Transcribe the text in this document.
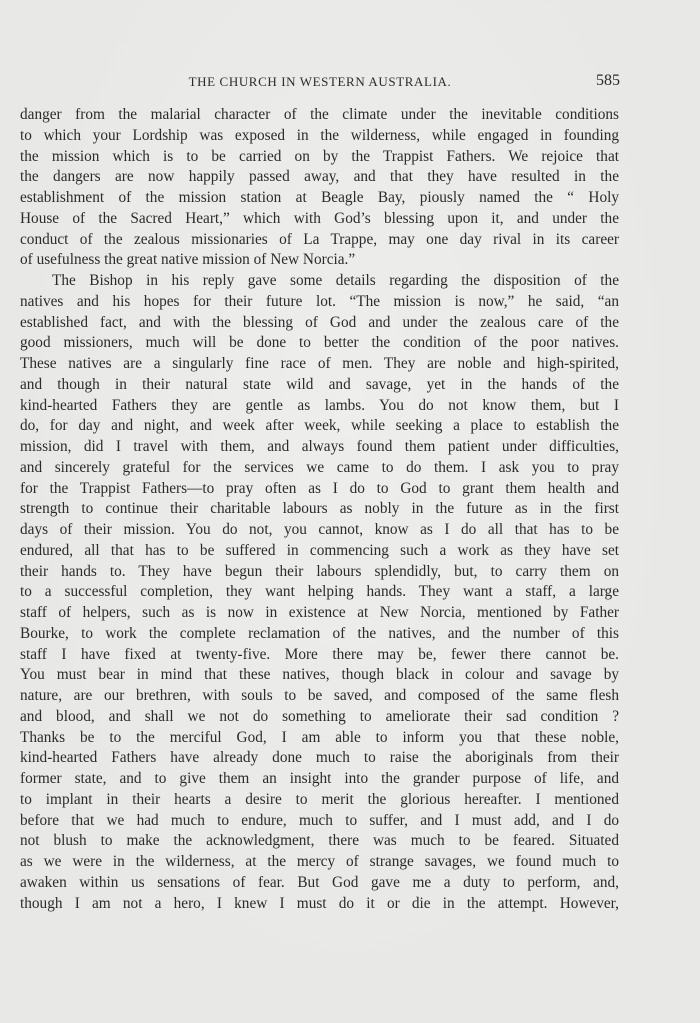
THE CHURCH IN WESTERN AUSTRALIA.	585
danger from the malarial character of the climate under the inevitable conditions
to which your Lordship was exposed in the wilderness, while engaged in founding
the mission which is to be carried on by the Trappist Fathers. We rejoice that
the dangers are now happily passed away, and that they have resulted in the
establishment of the mission station at Beagle Bay, piously named the “ Holy
House of the Sacred Heart,” which with God’s blessing upon it, and under the
conduct of the zealous missionaries of La Trappe, may one day rival in its career
of usefulness the great native mission of New Norcia.”
The Bishop in his reply gave some details regarding the disposition of the
natives and his hopes for their future lot. “The mission is now,” he said, “an
established fact, and with the blessing of God and under the zealous care of the
good missioners, much will be done to better the condition of the poor natives.
These natives are a singularly fine race of men. They are noble and high-spirited,
and though in their natural state wild and savage, yet in the hands of the
kind-hearted Fathers they are gentle as lambs. You do not know them, but I
do, for day and night, and week after week, while seeking a place to establish the
mission, did I travel with them, and always found them patient under difficulties,
and sincerely grateful for the services we came to do them. I ask you to pray
for the Trappist Fathers—to pray often as I do to God to grant them health and
strength to continue their charitable labours as nobly in the future as in the first
days of their mission. You do not, you cannot, know as I do all that has to be
endured, all that has to be suffered in commencing such a work as they have set
their hands to. They have begun their labours splendidly, but, to carry them on
to a successful completion, they want helping hands. They want a staff, a large
staff of helpers, such as is now in existence at New Norcia, mentioned by Father
Bourke, to work the complete reclamation of the natives, and the number of this
staff I have fixed at twenty-five. More there may be, fewer there cannot be.
You must bear in mind that these natives, though black in colour and savage by
nature, are our brethren, with souls to be saved, and composed of the same flesh
and blood, and shall we not do something to ameliorate their sad condition ?
Thanks be to the merciful God, I am able to inform you that these noble,
kind-hearted Fathers have already done much to raise the aboriginals from their
former state, and to give them an insight into the grander purpose of life, and
to implant in their hearts a desire to merit the glorious hereafter. I mentioned
before that we had much to endure, much to suffer, and I must add, and I do
not blush to make the acknowledgment, there was much to be feared. Situated
as we were in the wilderness, at the mercy of strange savages, we found much to
awaken within us sensations of fear. But God gave me a duty to perform, and,
though I am not a hero, I knew I must do it or die in the attempt. However,
